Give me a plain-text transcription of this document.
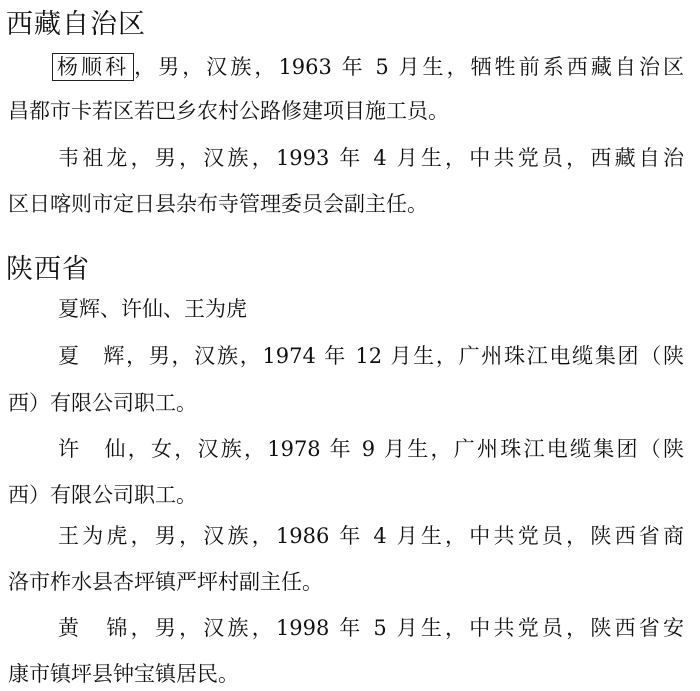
西藏自治区

杨顺科 ，男，汉族，1963 年 5 月生，牺牲前系西藏自治区

昌都市卡若区若巴乡农村公路修建项目施工员。

韦祖龙，男，汉族，1993 年 4 月生，中共党员，西藏自治

区日喀则市定日县杂布寺管理委员会副主任。

陕西省

夏辉、许仙、王为虎

夏　辉，男，汉族，1974 年 12 月生，广州珠江电缆集团（陕

西）有限公司职工。

许　仙，女，汉族，1978 年 9 月生，广州珠江电缆集团（陕

西）有限公司职工。

王为虎，男，汉族，1986 年 4 月生，中共党员，陕西省商

洛市柞水县杏坪镇严坪村副主任。

黄　锦，男，汉族，1998 年 5 月生，中共党员，陕西省安

康市镇坪县钟宝镇居民。
